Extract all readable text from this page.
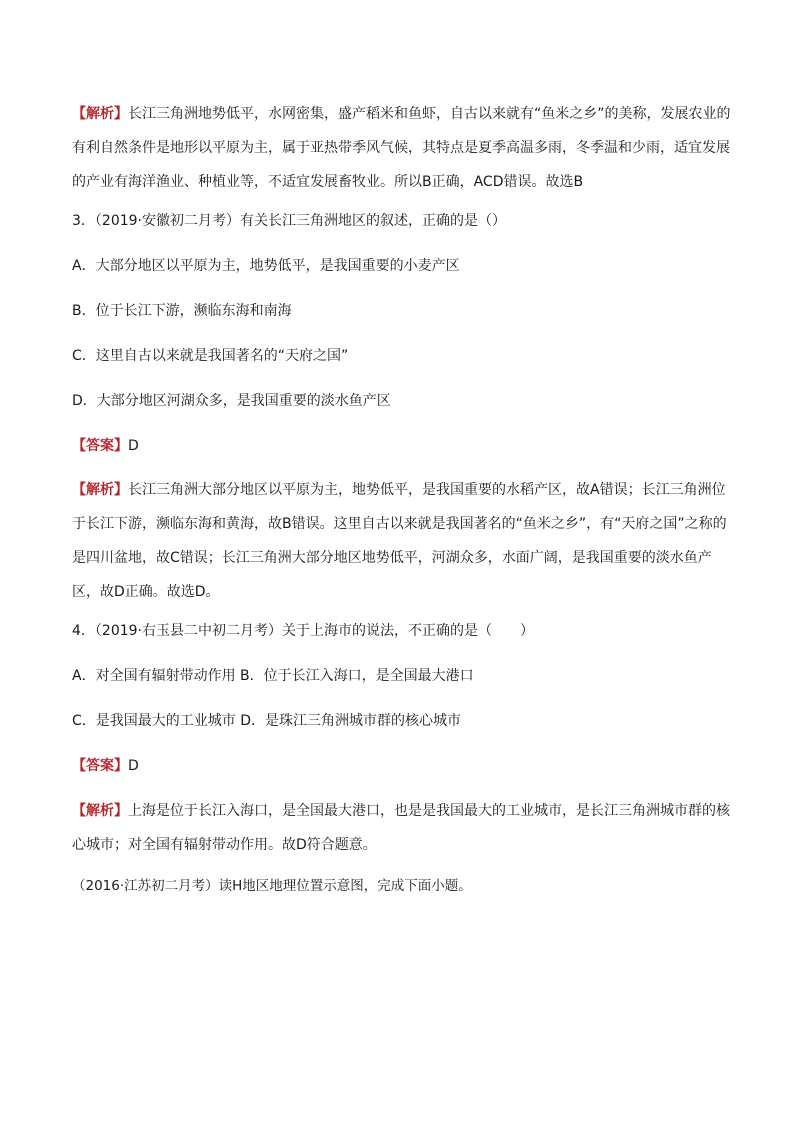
【解析】长江三角洲地势低平，水网密集，盛产稻米和鱼虾，自古以来就有“鱼米之乡”的美称，发展农业的有利自然条件是地形以平原为主，属于亚热带季风气候，其特点是夏季高温多雨，冬季温和少雨，适宜发展的产业有海洋渔业、种植业等，不适宜发展畜牧业。所以B正确，ACD错误。故选B

3．（2019·安徽初二月考）有关长江三角洲地区的叙述，正确的是（）

A．大部分地区以平原为主，地势低平，是我国重要的小麦产区

B．位于长江下游，濒临东海和南海

C．这里自古以来就是我国著名的“天府之国”

D．大部分地区河湖众多，是我国重要的淡水鱼产区

【答案】D

【解析】长江三角洲大部分地区以平原为主，地势低平，是我国重要的水稻产区，故A错误；长江三角洲位于长江下游，濒临东海和黄海，故B错误。这里自古以来就是我国著名的“鱼米之乡”，有“天府之国”之称的是四川盆地，故C错误；长江三角洲大部分地区地势低平，河湖众多，水面广阔，是我国重要的淡水鱼产区，故D正确。故选D。

4．（2019·右玉县二中初二月考）关于上海市的说法，不正确的是（　　）

A．对全国有辐射带动作用 B．位于长江入海口，是全国最大港口

C．是我国最大的工业城市 D．是珠江三角洲城市群的核心城市

【答案】D

【解析】上海是位于长江入海口，是全国最大港口，也是是我国最大的工业城市，是长江三角洲城市群的核心城市；对全国有辐射带动作用。故D符合题意。

（2016·江苏初二月考）读H地区地理位置示意图，完成下面小题。
